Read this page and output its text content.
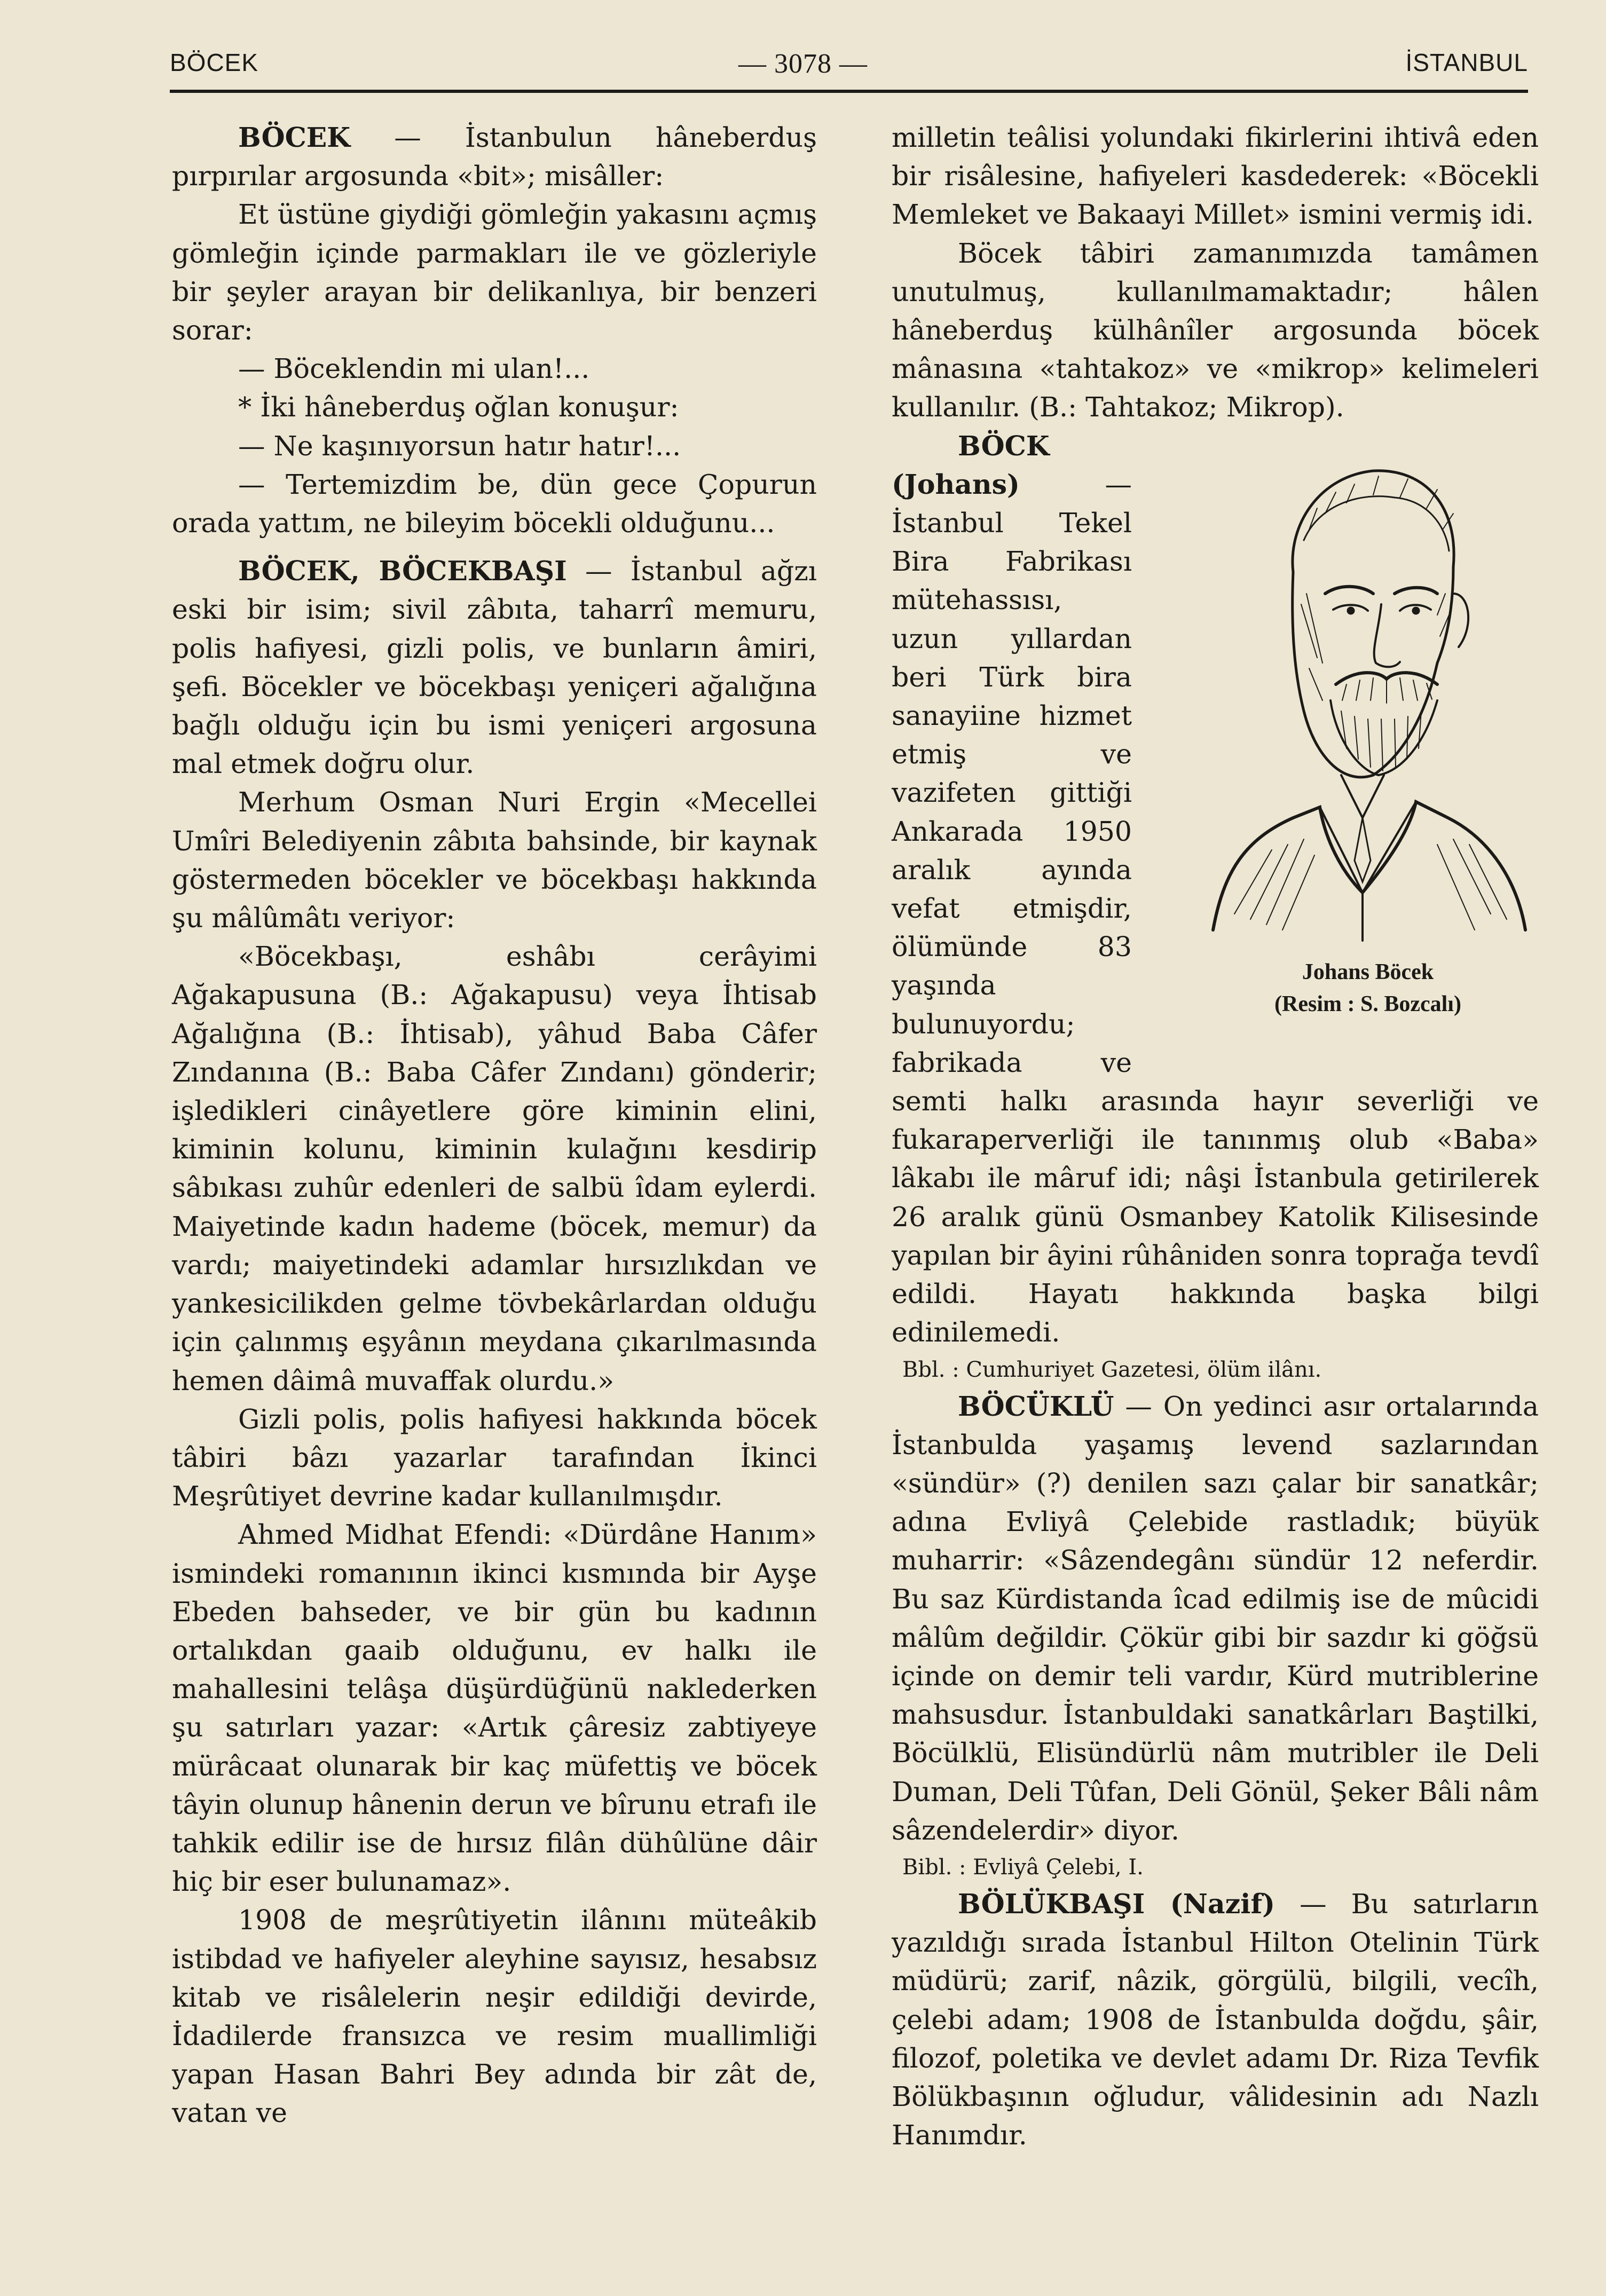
BÖCEK	— 3078 —	İSTANBUL

BÖCEK — İstanbulun hâneberduş pırpırılar argosunda «bit»; misâller:

Et üstüne giydiği gömleğin yakasını açmış gömleğin içinde parmakları ile ve gözleriyle bir şeyler arayan bir delikanlıya, bir benzeri sorar:

— Böceklendin mi ulan!...

* İki hâneberduş oğlan konuşur:

— Ne kaşınıyorsun hatır hatır!...

— Tertemizdim be, dün gece Çopurun orada yattım, ne bileyim böcekli olduğunu...

BÖCEK, BÖCEKBAŞI — İstanbul ağzı eski bir isim; sivil zâbıta, taharrî memuru, polis hafiyesi, gizli polis, ve bunların âmiri, şefi. Böcekler ve böcekbaşı yeniçeri ağalığına bağlı olduğu için bu ismi yeniçeri argosuna mal etmek doğru olur.

Merhum Osman Nuri Ergin «Mecellei Umîri Belediyenin zâbıta bahsinde, bir kaynak göstermeden böcekler ve böcekbaşı hakkında şu mâlûmâtı veriyor:

«Böcekbaşı, eshâbı cerâyimi Ağakapusuna (B.: Ağakapusu) veya İhtisab Ağalığına (B.: İhtisab), yâhud Baba Câfer Zındanına (B.: Baba Câfer Zındanı) gönderir; işledikleri cinâyetlere göre kiminin elini, kiminin kolunu, kiminin kulağını kesdirip sâbıkası zuhûr edenleri de salbü îdam eylerdi. Maiyetinde kadın hademe (böcek, memur) da vardı; maiyetindeki adamlar hırsızlıkdan ve yankesicilikden gelme tövbekârlardan olduğu için çalınmış eşyânın meydana çıkarılmasında hemen dâimâ muvaffak olurdu.»

Gizli polis, polis hafiyesi hakkında böcek tâbiri bâzı yazarlar tarafından İkinci Meşrûtiyet devrine kadar kullanılmışdır.

Ahmed Midhat Efendi: «Dürdâne Hanım» ismindeki romanının ikinci kısmında bir Ayşe Ebeden bahseder, ve bir gün bu kadının ortalıkdan gaaib olduğunu, ev halkı ile mahallesini telâşa düşürdüğünü naklederken şu satırları yazar: «Artık çâresiz zabtiyeye mürâcaat olunarak bir kaç müfettiş ve böcek tâyin olunup hânenin derun ve bîrunu etrafı ile tahkik edilir ise de hırsız filân dühûlüne dâir hiç bir eser bulunamaz».

1908 de meşrûtiyetin ilânını müteâkib istibdad ve hafiyeler aleyhine sayısız, hesabsız kitab ve risâlelerin neşir edildiği devirde, İdadilerde fransızca ve resim muallimliği yapan Hasan Bahri Bey adında bir zât de, vatan ve

milletin teâlisi yolundaki fikirlerini ihtivâ eden bir risâlesine, hafiyeleri kasdederek: «Böcekli Memleket ve Bakaayi Millet» ismini vermiş idi.

Böcek tâbiri zamanımızda tamâmen unutulmuş, kullanılmamaktadır; hâlen hâneberduş külhânîler argosunda böcek mânasına «tahtakoz» ve «mikrop» kelimeleri kullanılır. (B.: Tahtakoz; Mikrop).

Johans Böcek
(Resim : S. Bozcalı)

BÖCK (Johans) — İstanbul Tekel Bira Fabrikası mütehassısı, uzun yıllardan beri Türk bira sanayiine hizmet etmiş ve vazifeten gittiği Ankarada 1950 aralık ayında vefat etmişdir, ölümünde 83 yaşında bulunuyordu; fabrikada ve semti halkı arasında hayır severliği ve fukaraperverliği ile tanınmış olub «Baba» lâkabı ile mâruf idi; nâşi İstanbula getirilerek 26 aralık günü Osmanbey Katolik Kilisesinde yapılan bir âyini rûhâniden sonra toprağa tevdî edildi. Hayatı hakkında başka bilgi edinilemedi.

Bbl. : Cumhuriyet Gazetesi, ölüm ilânı.

BÖCÜKLÜ — On yedinci asır ortalarında İstanbulda yaşamış levend sazlarından «sündür» (?) denilen sazı çalar bir sanatkâr; adına Evliyâ Çelebide rastladık; büyük muharrir: «Sâzendegânı sündür 12 neferdir. Bu saz Kürdistanda îcad edilmiş ise de mûcidi mâlûm değildir. Çökür gibi bir sazdır ki göğsü içinde on demir teli vardır, Kürd mutriblerine mahsusdur. İstanbuldaki sanatkârları Baştilki, Böcülklü, Elisündürlü nâm mutribler ile Deli Duman, Deli Tûfan, Deli Gönül, Şeker Bâli nâm sâzendelerdir» diyor.

Bibl. : Evliyâ Çelebi, I.

BÖLÜKBAŞI (Nazif) — Bu satırların yazıldığı sırada İstanbul Hilton Otelinin Türk müdürü; zarif, nâzik, görgülü, bilgili, vecîh, çelebi adam; 1908 de İstanbulda doğdu, şâir, filozof, poletika ve devlet adamı Dr. Riza Tevfik Bölükbaşının oğludur, vâlidesinin adı Nazlı Hanımdır.
